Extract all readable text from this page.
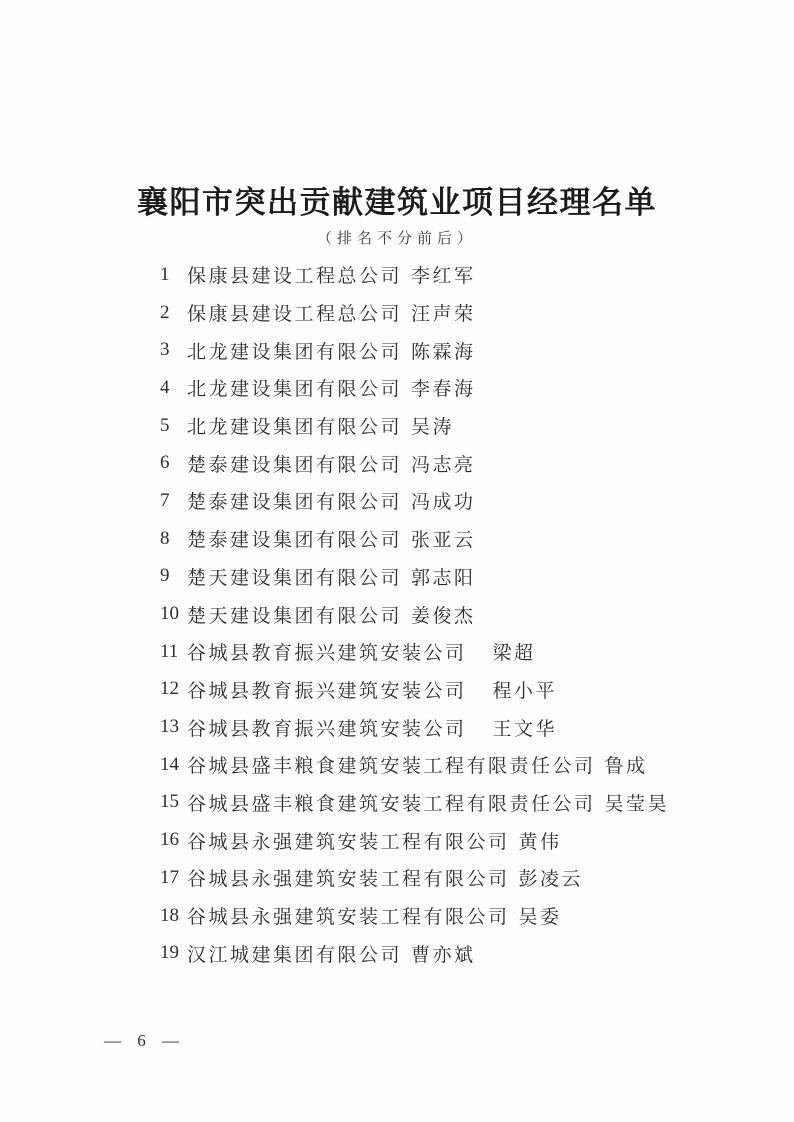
襄阳市突出贡献建筑业项目经理名单
（排名不分前后）
1 保康县建设工程总公司 李红军
2 保康县建设工程总公司 汪声荣
3 北龙建设集团有限公司 陈霖海
4 北龙建设集团有限公司 李春海
5 北龙建设集团有限公司 吴涛
6 楚泰建设集团有限公司 冯志亮
7 楚泰建设集团有限公司 冯成功
8 楚泰建设集团有限公司 张亚云
9 楚天建设集团有限公司 郭志阳
10 楚天建设集团有限公司 姜俊杰
11 谷城县教育振兴建筑安装公司 梁超
12 谷城县教育振兴建筑安装公司 程小平
13 谷城县教育振兴建筑安装公司 王文华
14 谷城县盛丰粮食建筑安装工程有限责任公司 鲁成
15 谷城县盛丰粮食建筑安装工程有限责任公司 吴莹昊
16 谷城县永强建筑安装工程有限公司 黄伟
17 谷城县永强建筑安装工程有限公司 彭凌云
18 谷城县永强建筑安装工程有限公司 吴委
19 汉江城建集团有限公司 曹亦斌
— 6 —
